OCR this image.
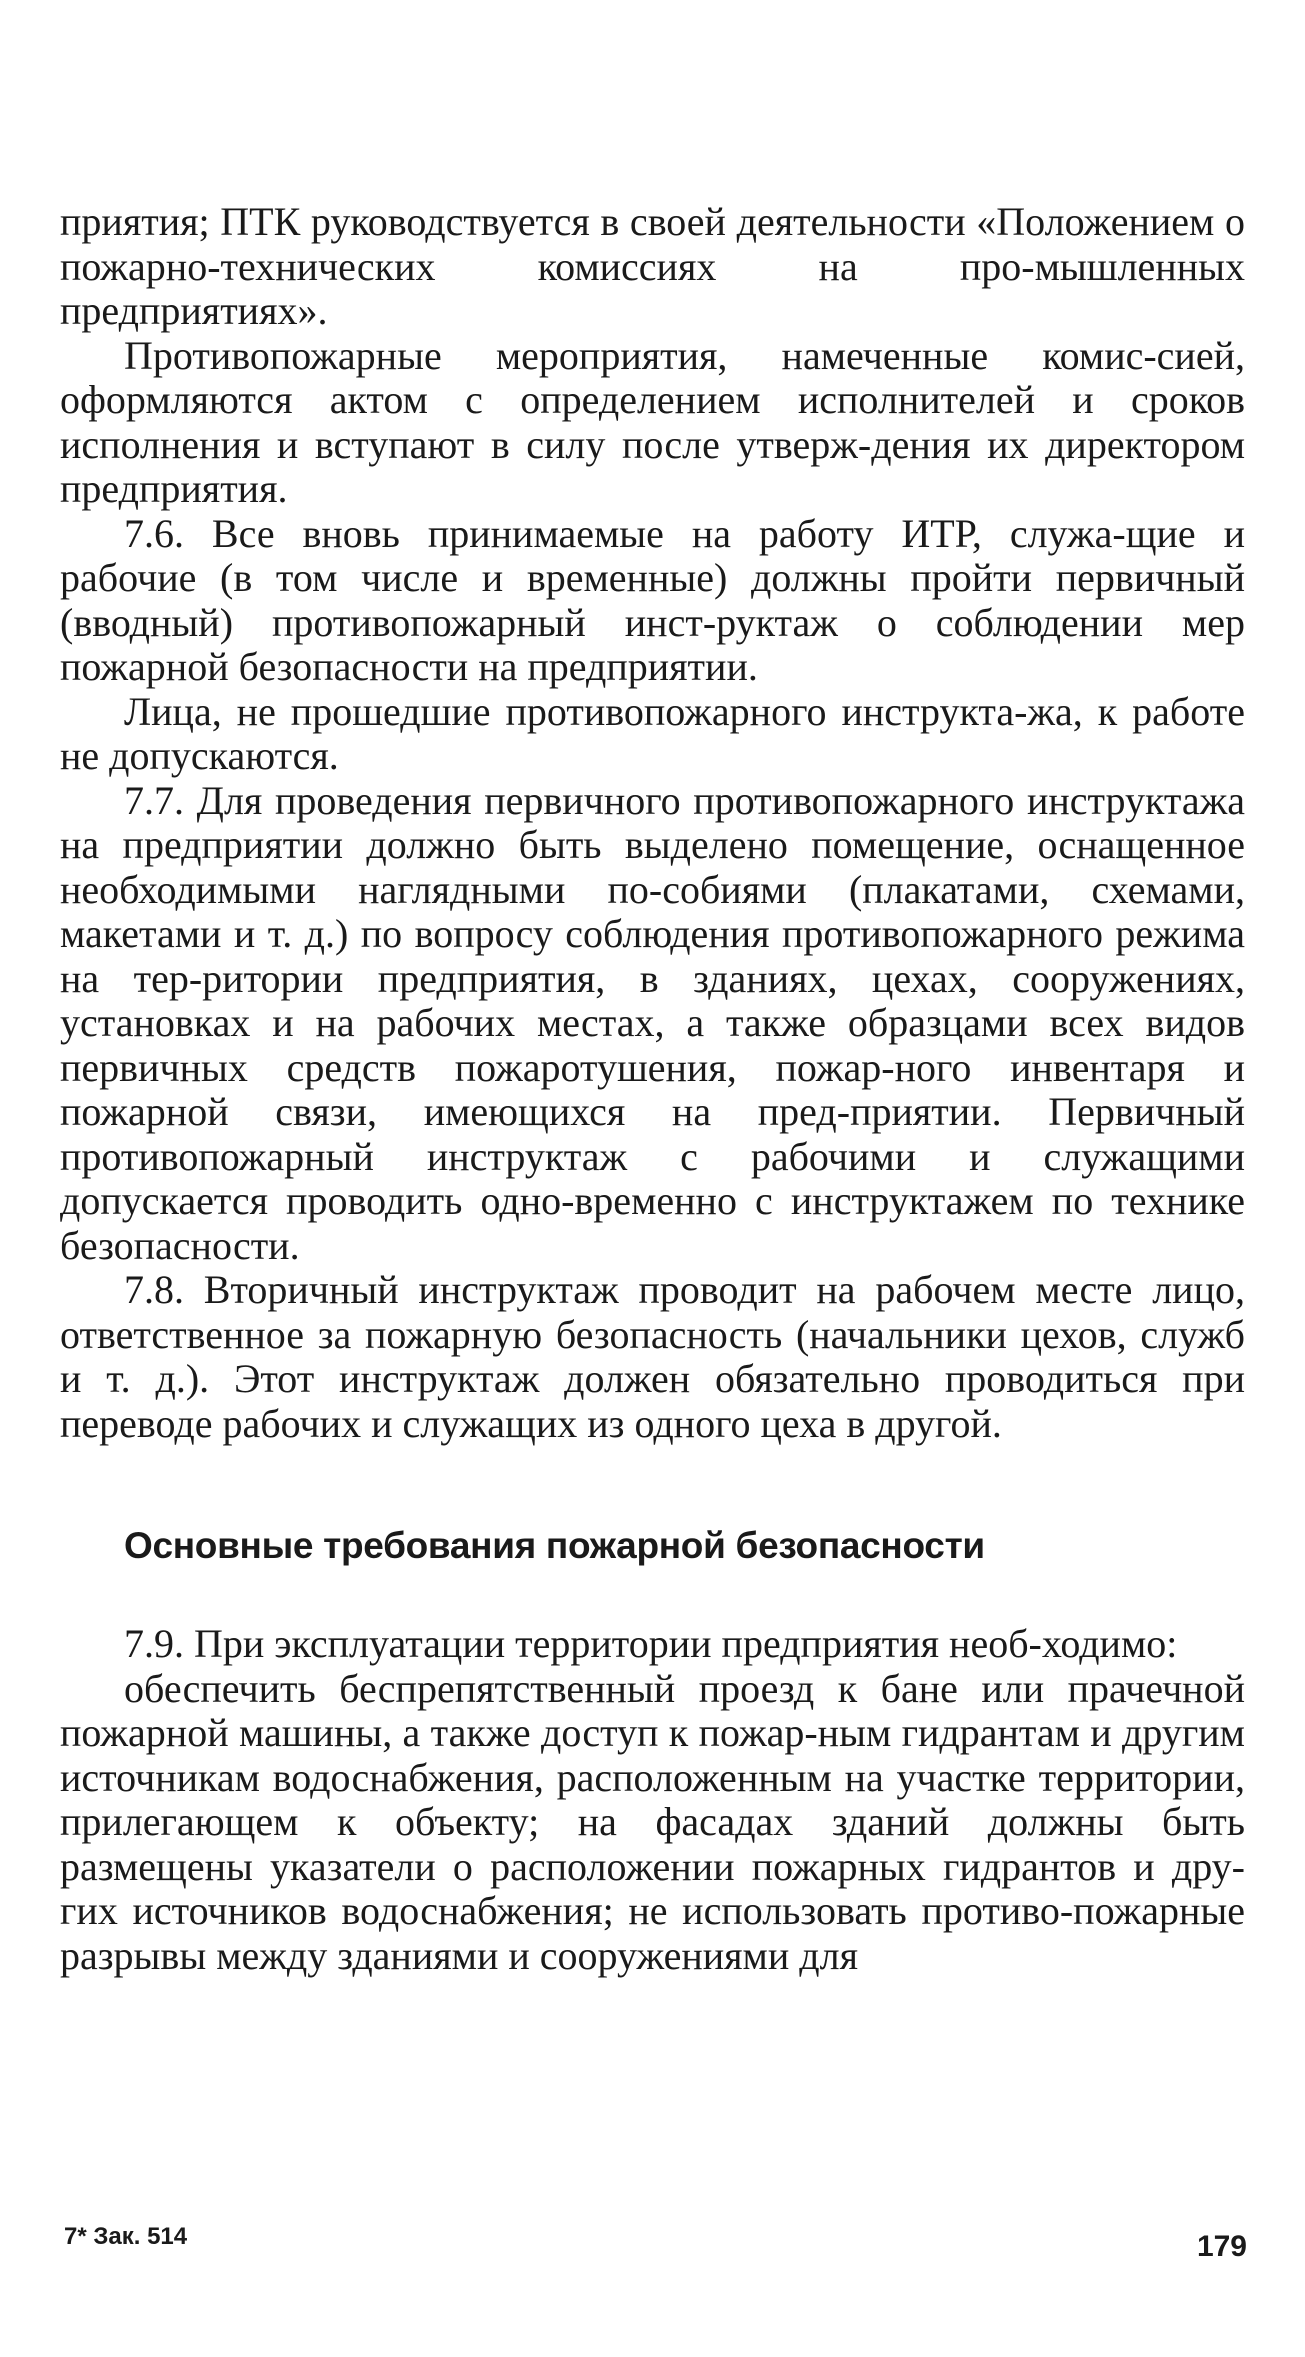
приятия; ПТК руководствуется в своей деятельности «Положением о пожарно-технических комиссиях на про-мышленных предприятиях».

Противопожарные мероприятия, намеченные комис-сией, оформляются актом с определением исполнителей и сроков исполнения и вступают в силу после утверж-дения их директором предприятия.

7.6. Все вновь принимаемые на работу ИТР, служа-щие и рабочие (в том числе и временные) должны пройти первичный (вводный) противопожарный инст-руктаж о соблюдении мер пожарной безопасности на предприятии.

Лица, не прошедшие противопожарного инструкта-жа, к работе не допускаются.

7.7. Для проведения первичного противопожарного инструктажа на предприятии должно быть выделено помещение, оснащенное необходимыми наглядными по-собиями (плакатами, схемами, макетами и т. д.) по вопросу соблюдения противопожарного режима на тер-ритории предприятия, в зданиях, цехах, сооружениях, установках и на рабочих местах, а также образцами всех видов первичных средств пожаротушения, пожар-ного инвентаря и пожарной связи, имеющихся на пред-приятии. Первичный противопожарный инструктаж с рабочими и служащими допускается проводить одно-временно с инструктажем по технике безопасности.

7.8. Вторичный инструктаж проводит на рабочем месте лицо, ответственное за пожарную безопасность (начальники цехов, служб и т. д.). Этот инструктаж должен обязательно проводиться при переводе рабочих и служащих из одного цеха в другой.

Основные требования пожарной безопасности

7.9. При эксплуатации территории предприятия необ-ходимо:

обеспечить беспрепятственный проезд к бане или прачечной пожарной машины, а также доступ к пожар-ным гидрантам и другим источникам водоснабжения, расположенным на участке территории, прилегающем к объекту; на фасадах зданий должны быть размещены указатели о расположении пожарных гидрантов и дру-гих источников водоснабжения; не использовать противо-пожарные разрывы между зданиями и сооружениями для

7* Зак. 514	179
